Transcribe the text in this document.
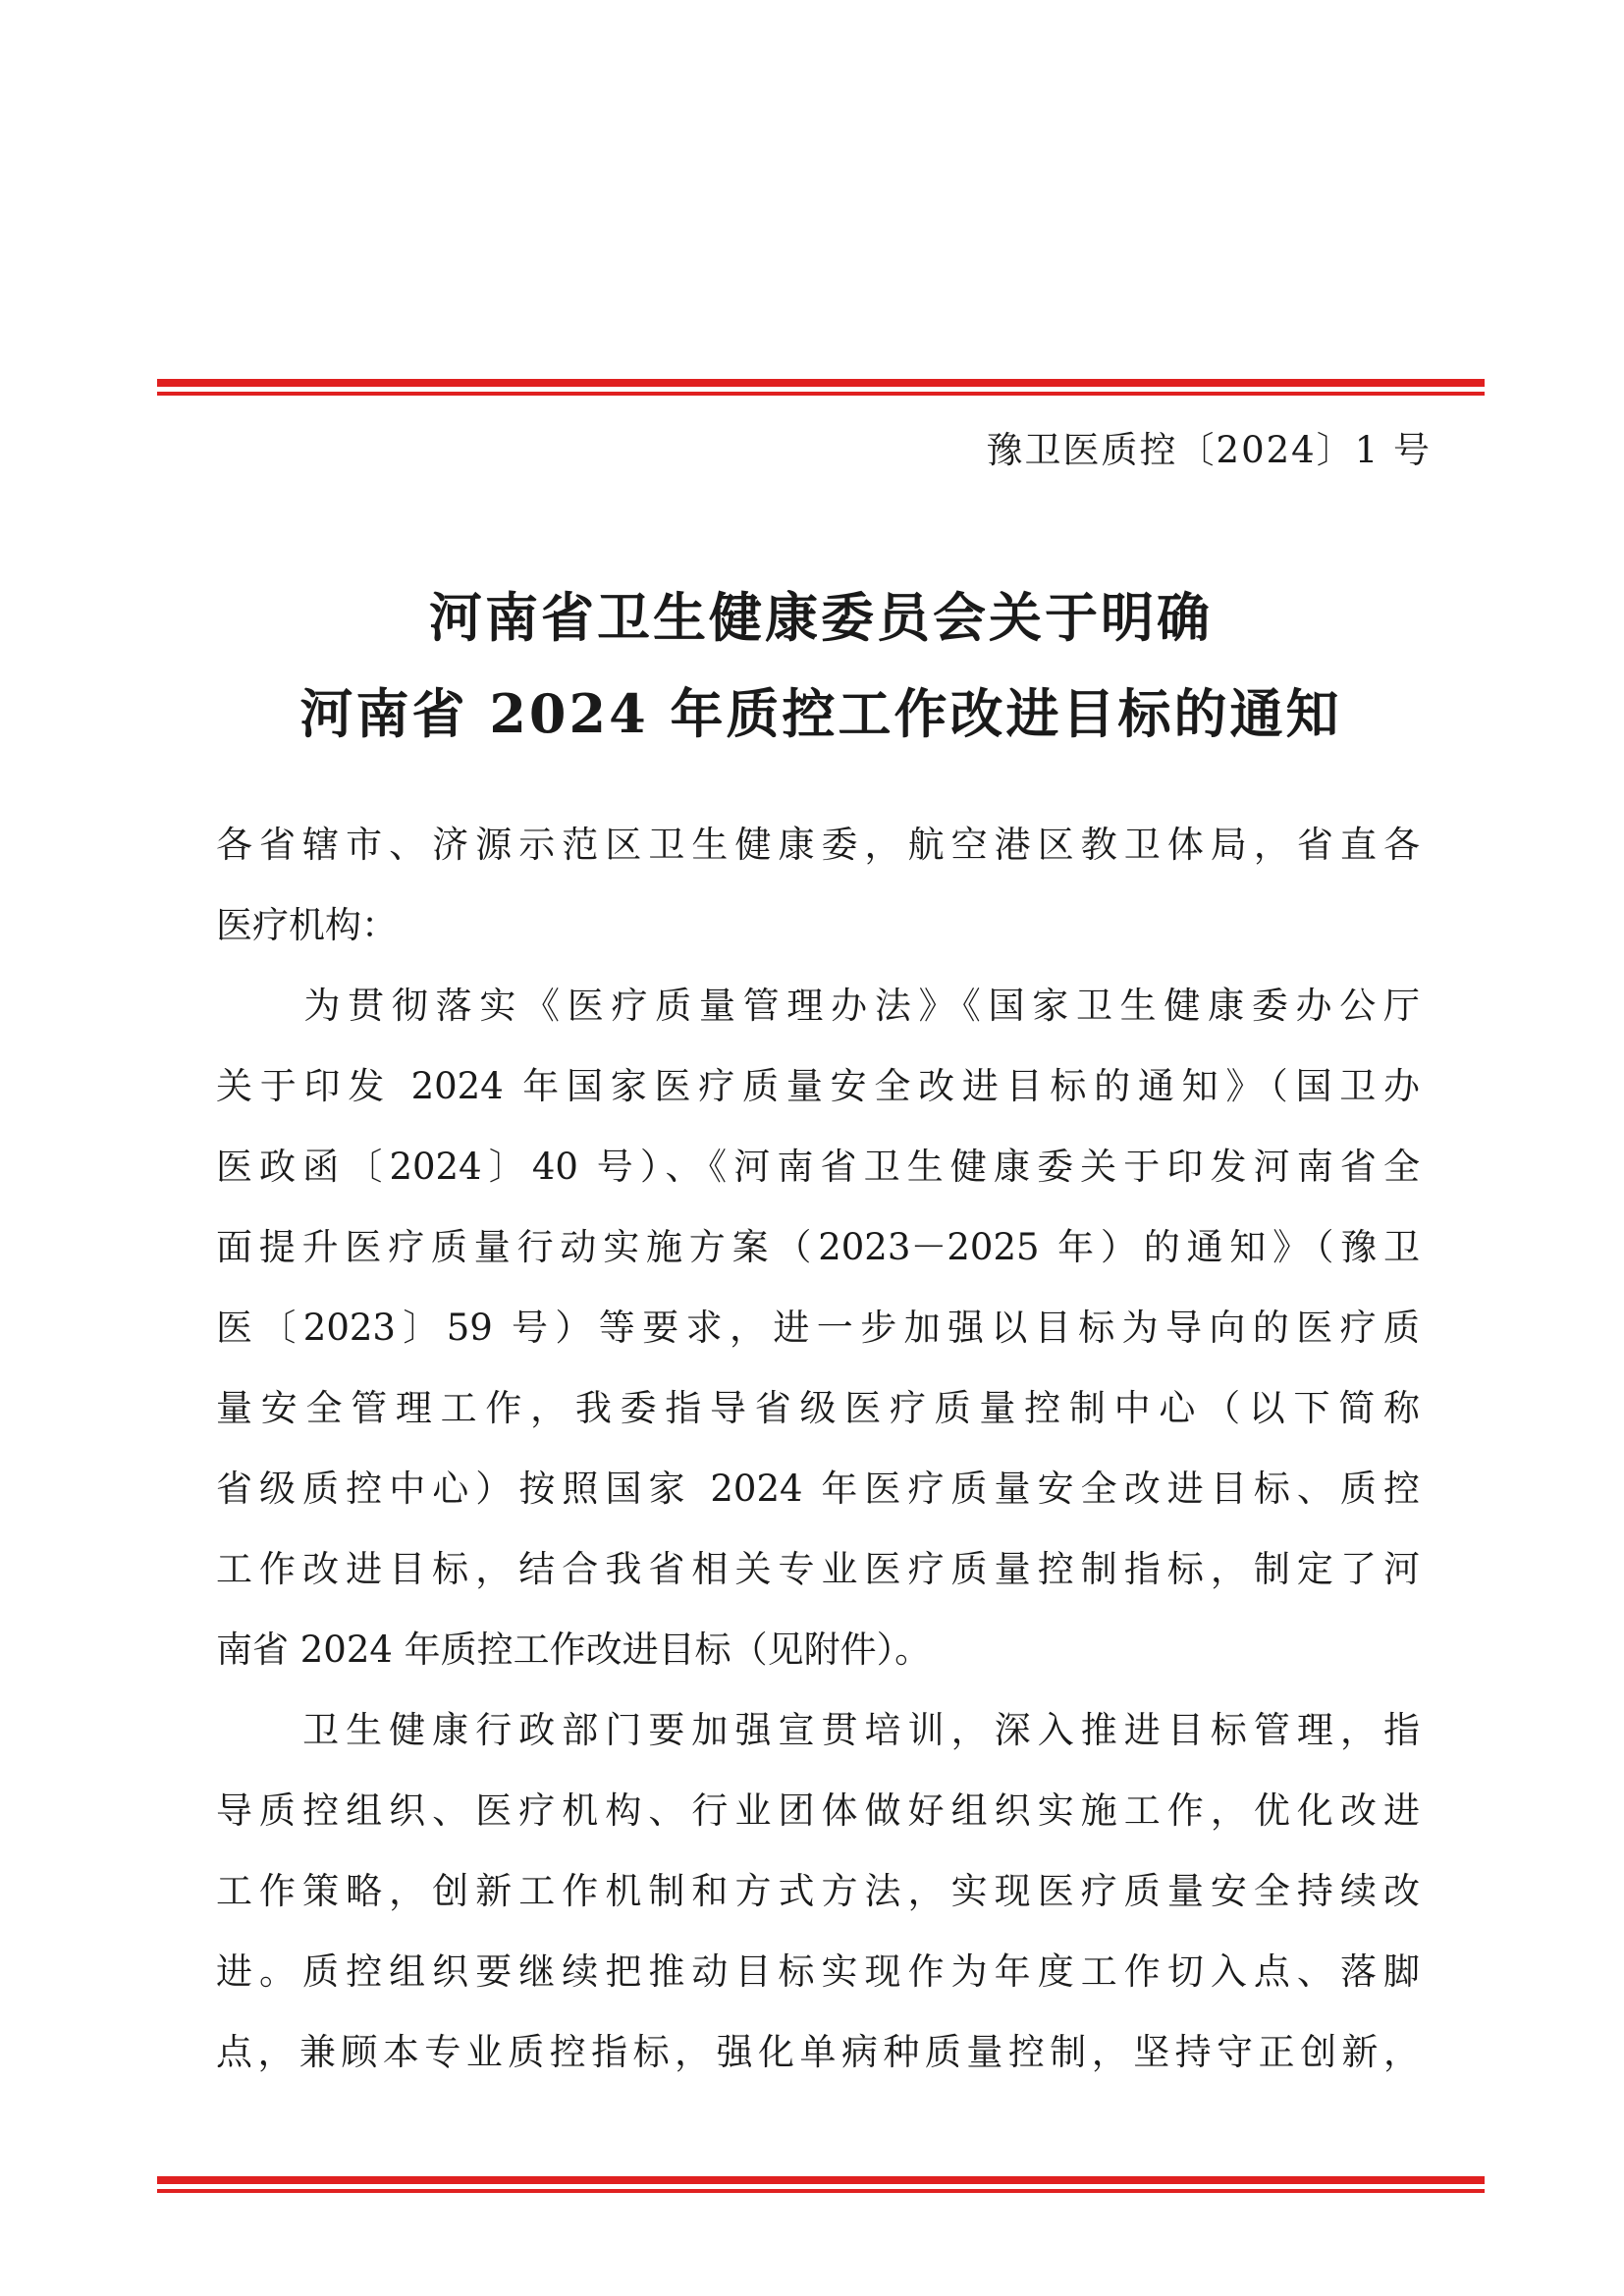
豫卫医质控〔2024〕1 号
河南省卫生健康委员会关于明确
河南省 2024 年质控工作改进目标的通知
各省辖市、济源示范区卫生健康委，航空港区教卫体局，省直各
医疗机构：
　　为贯彻落实《医疗质量管理办法》《国家卫生健康委办公厅
关于印发 2024 年国家医疗质量安全改进目标的通知》（国卫办
医政函〔2024〕40 号）、《河南省卫生健康委关于印发河南省全
面提升医疗质量行动实施方案（2023－2025 年）的通知》（豫卫
医〔2023〕59 号）等要求，进一步加强以目标为导向的医疗质
量安全管理工作，我委指导省级医疗质量控制中心（以下简称
省级质控中心）按照国家 2024 年医疗质量安全改进目标、质控
工作改进目标，结合我省相关专业医疗质量控制指标，制定了河
南省 2024 年质控工作改进目标（见附件）。
　　卫生健康行政部门要加强宣贯培训，深入推进目标管理，指
导质控组织、医疗机构、行业团体做好组织实施工作，优化改进
工作策略，创新工作机制和方式方法，实现医疗质量安全持续改
进。质控组织要继续把推动目标实现作为年度工作切入点、落脚
点，兼顾本专业质控指标，强化单病种质量控制，坚持守正创新，
